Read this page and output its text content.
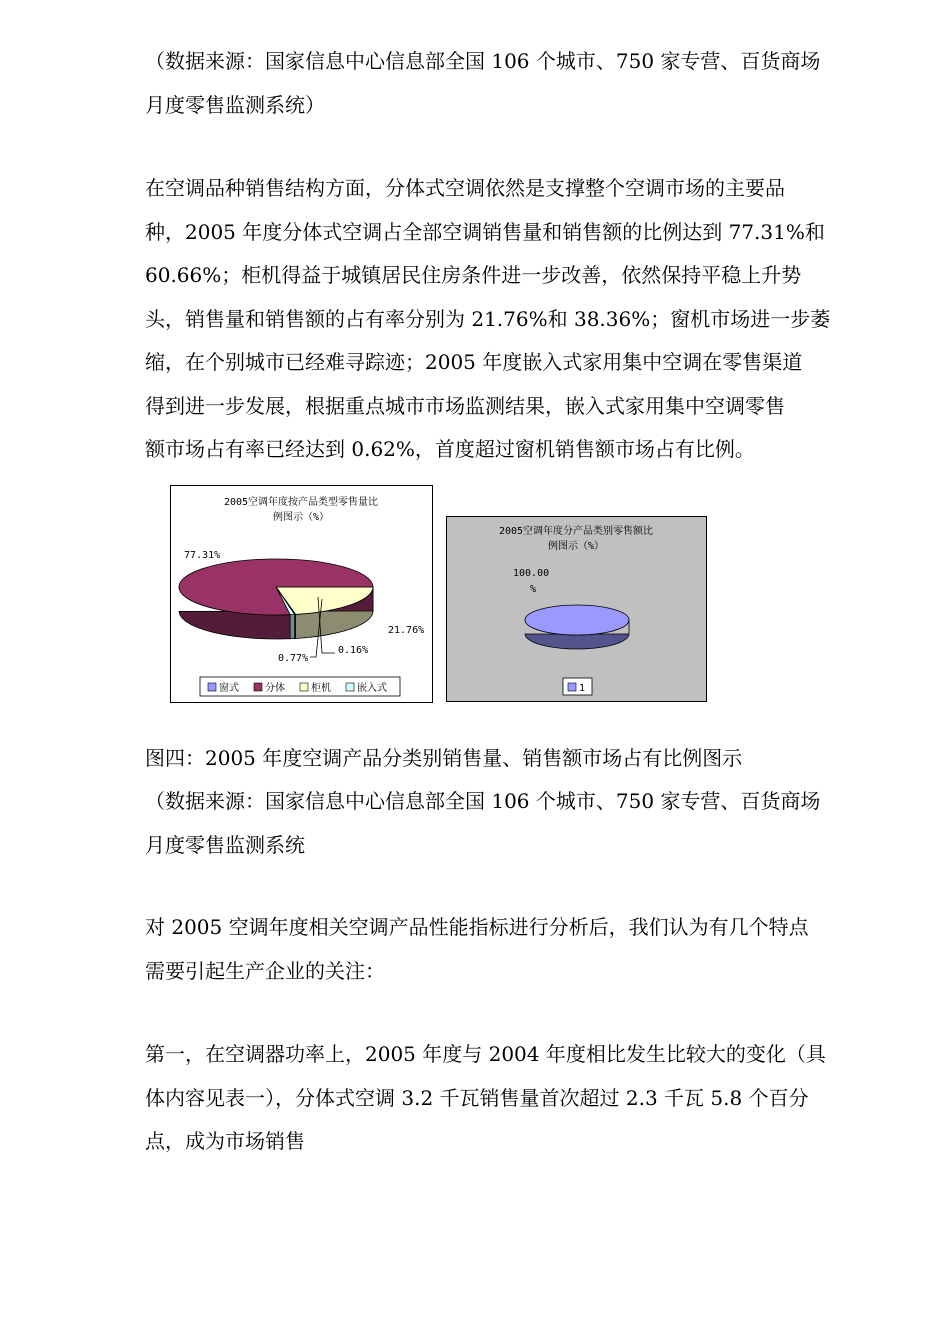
（数据来源：国家信息中心信息部全国 106 个城市、750 家专营、百货商场
月度零售监测系统）

在空调品种销售结构方面，分体式空调依然是支撑整个空调市场的主要品
种，2005 年度分体式空调占全部空调销售量和销售额的比例达到 77.31%和
60.66%；柜机得益于城镇居民住房条件进一步改善，依然保持平稳上升势
头，销售量和销售额的占有率分别为 21.76%和 38.36%；窗机市场进一步萎
缩，在个别城市已经难寻踪迹；2005 年度嵌入式家用集中空调在零售渠道
得到进一步发展，根据重点城市市场监测结果，嵌入式家用集中空调零售
额市场占有率已经达到 0.62%，首度超过窗机销售额市场占有比例。

2005空调年度按产品类型零售量比
例图示（%）
77.31%
21.76%
0.16%
0.77%
窗式	分体	柜机	嵌入式
2005空调年度分产品类别零售额比
例图示（%）
100.00
%
1

图四：2005 年度空调产品分类别销售量、销售额市场占有比例图示

（数据来源：国家信息中心信息部全国 106 个城市、750 家专营、百货商场
月度零售监测系统

对 2005 空调年度相关空调产品性能指标进行分析后，我们认为有几个特点
需要引起生产企业的关注：

第一，在空调器功率上，2005 年度与 2004 年度相比发生比较大的变化（具
体内容见表一），分体式空调 3.2 千瓦销售量首次超过 2.3 千瓦 5.8 个百分
点，成为市场销售
